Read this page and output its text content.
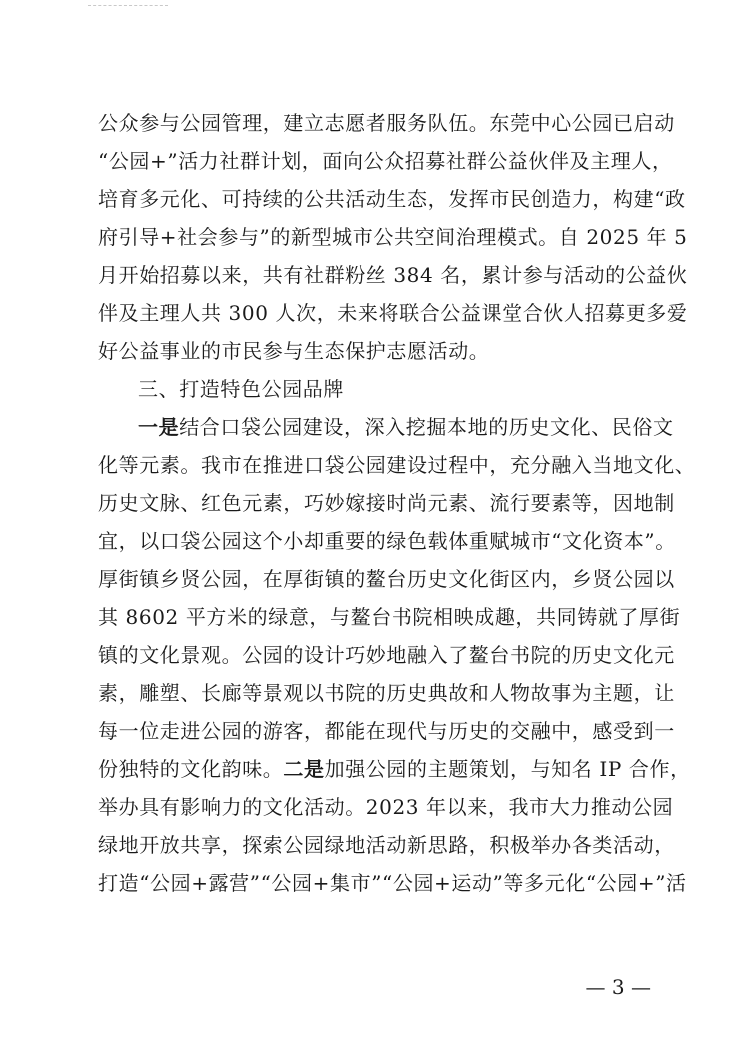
公众参与公园管理，建立志愿者服务队伍。东莞中心公园已启动
“公园+”活力社群计划，面向公众招募社群公益伙伴及主理人，
培育多元化、可持续的公共活动生态，发挥市民创造力，构建“政
府引导+社会参与”的新型城市公共空间治理模式。自 2025 年 5
月开始招募以来，共有社群粉丝 384 名，累计参与活动的公益伙
伴及主理人共 300 人次，未来将联合公益课堂合伙人招募更多爱
好公益事业的市民参与生态保护志愿活动。
三、打造特色公园品牌
一是结合口袋公园建设，深入挖掘本地的历史文化、民俗文
化等元素。我市在推进口袋公园建设过程中，充分融入当地文化、
历史文脉、红色元素，巧妙嫁接时尚元素、流行要素等，因地制
宜，以口袋公园这个小却重要的绿色载体重赋城市“文化资本”。
厚街镇乡贤公园，在厚街镇的鳌台历史文化街区内，乡贤公园以
其 8602 平方米的绿意，与鳌台书院相映成趣，共同铸就了厚街
镇的文化景观。公园的设计巧妙地融入了鳌台书院的历史文化元
素，雕塑、长廊等景观以书院的历史典故和人物故事为主题，让
每一位走进公园的游客，都能在现代与历史的交融中，感受到一
份独特的文化韵味。二是加强公园的主题策划，与知名 IP 合作，
举办具有影响力的文化活动。2023 年以来，我市大力推动公园
绿地开放共享，探索公园绿地活动新思路，积极举办各类活动，
打造“公园+露营”“公园+集市”“公园+运动”等多元化“公园+”活
— 3 —
